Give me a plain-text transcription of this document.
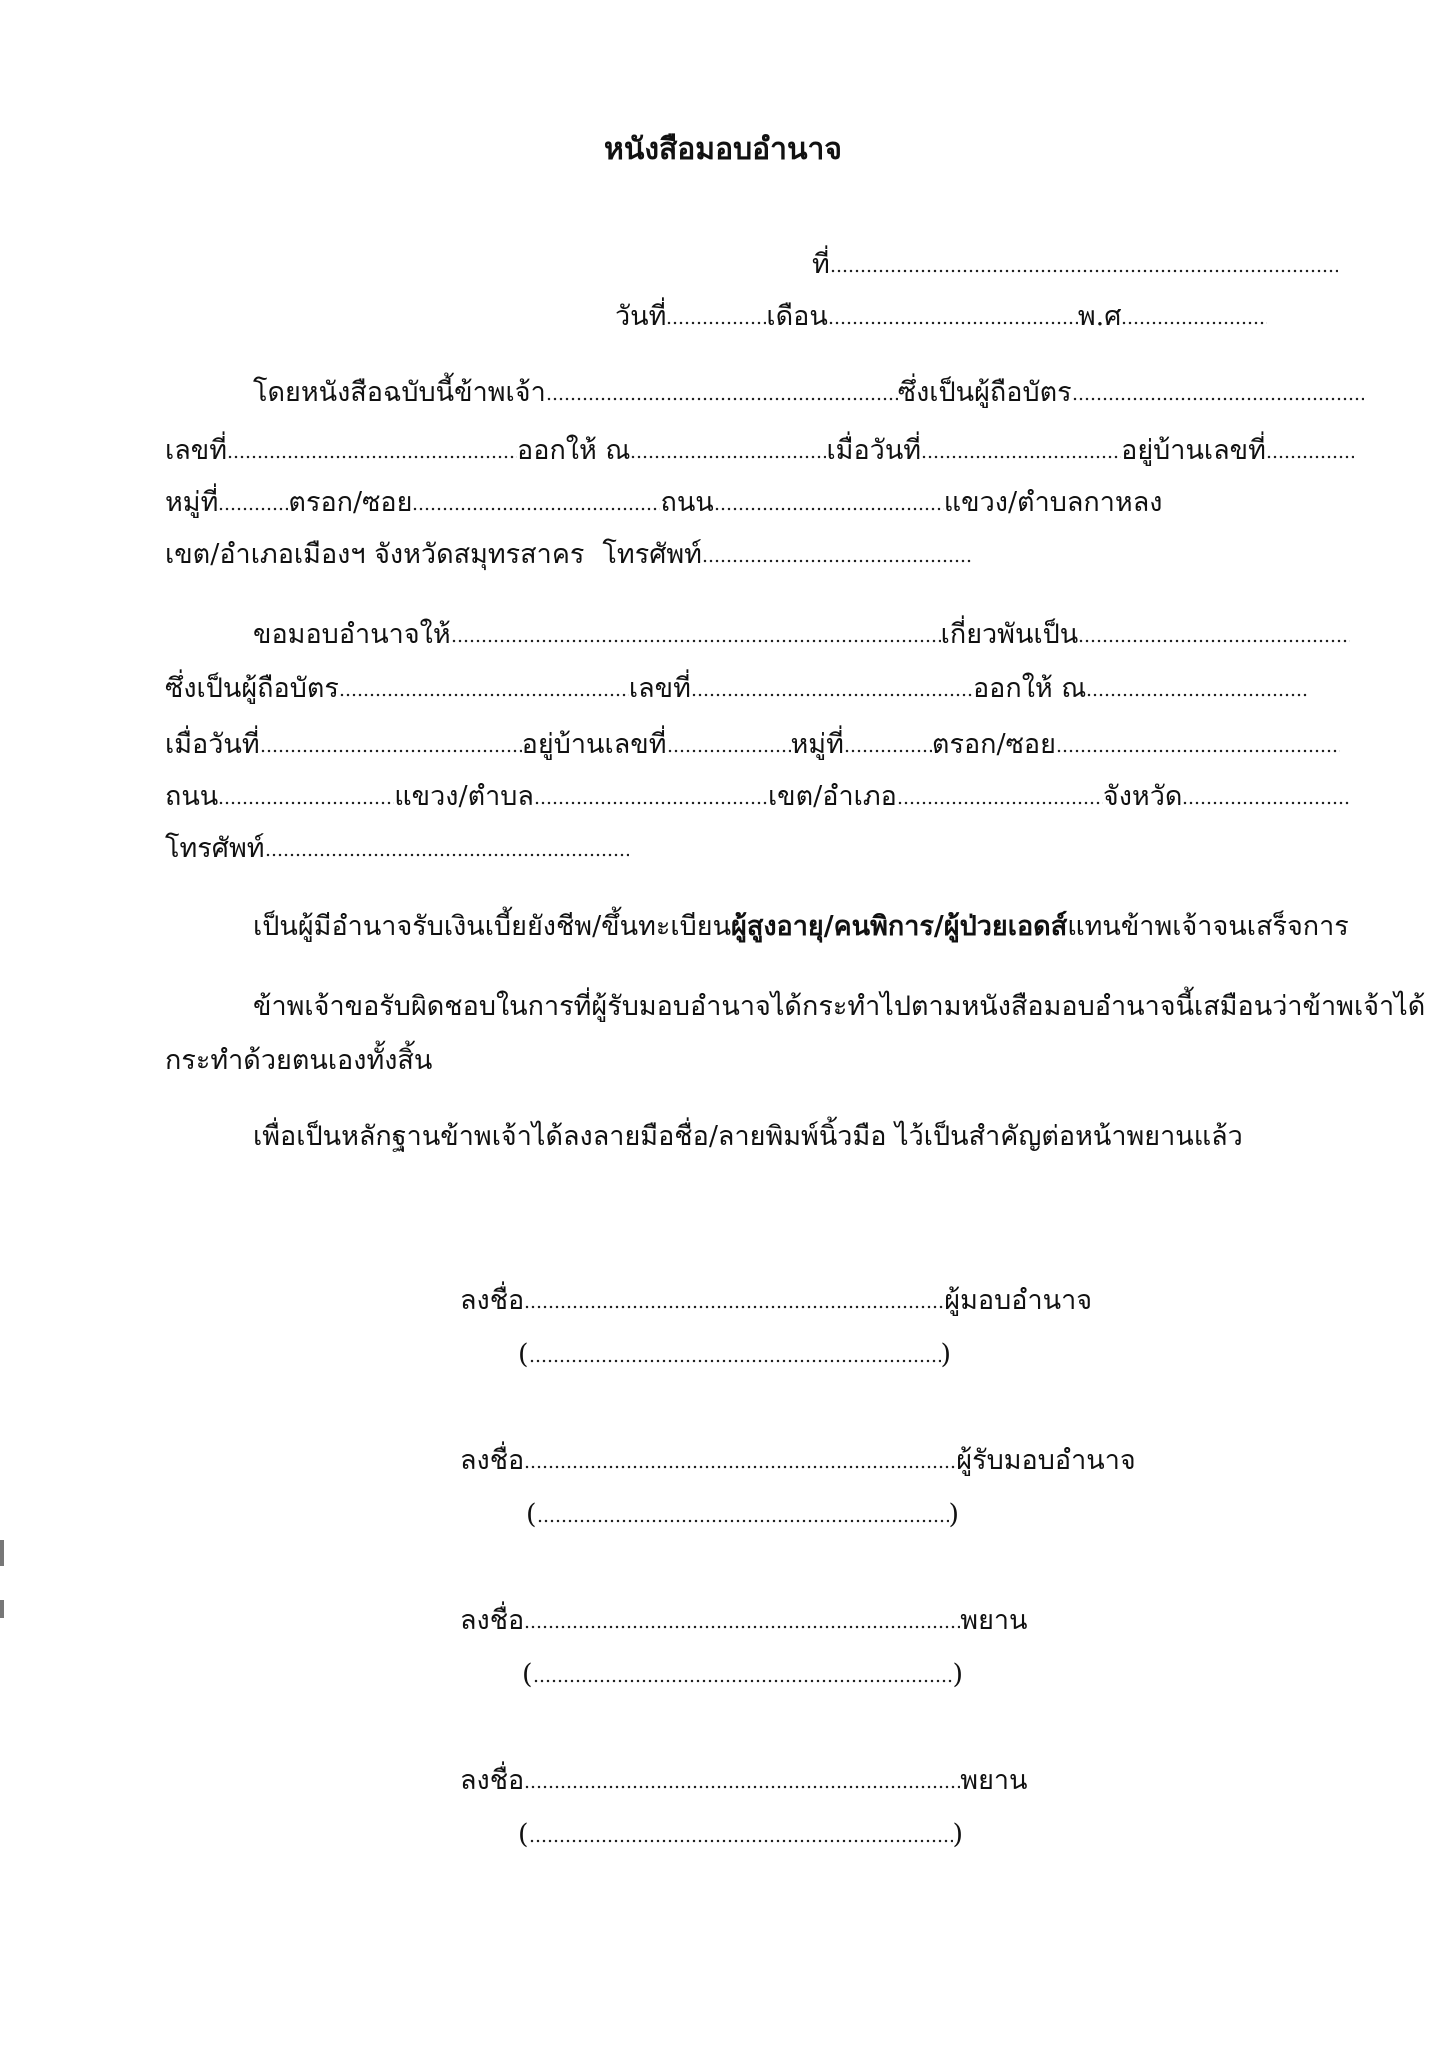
หนังสือมอบอำนาจ
ที่
วันที่	เดือน	พ.ศ
โดยหนังสือฉบับนี้ข้าพเจ้า	ซึ่งเป็นผู้ถือบัตร
เลขที่	ออกให้ ณ	เมื่อวันที่	อยู่บ้านเลขที่
หมู่ที่	ตรอก/ซอย	ถนน	แขวง/ตำบลกาหลง
เขต/อำเภอเมืองฯ จังหวัดสมุทรสาคร โทรศัพท์
ขอมอบอำนาจให้	เกี่ยวพันเป็น
ซึ่งเป็นผู้ถือบัตร	เลขที่	ออกให้ ณ
เมื่อวันที่	อยู่บ้านเลขที่	หมู่ที่	ตรอก/ซอย
ถนน	แขวง/ตำบล	เขต/อำเภอ	จังหวัด
โทรศัพท์
เป็นผู้มีอำนาจรับเงินเบี้ยยังชีพ/ขึ้นทะเบียนผู้สูงอายุ/คนพิการ/ผู้ป่วยเอดส์แทนข้าพเจ้าจนเสร็จการ
ข้าพเจ้าขอรับผิดชอบในการที่ผู้รับมอบอำนาจได้กระทำไปตามหนังสือมอบอำนาจนี้เสมือนว่าข้าพเจ้าได้
กระทำด้วยตนเองทั้งสิ้น
เพื่อเป็นหลักฐานข้าพเจ้าได้ลงลายมือชื่อ/ลายพิมพ์นิ้วมือ ไว้เป็นสำคัญต่อหน้าพยานแล้ว
ลงชื่อ	ผู้มอบอำนาจ
(	)
ลงชื่อ	ผู้รับมอบอำนาจ
(	)
ลงชื่อ	พยาน
(	)
ลงชื่อ	พยาน
(	)
